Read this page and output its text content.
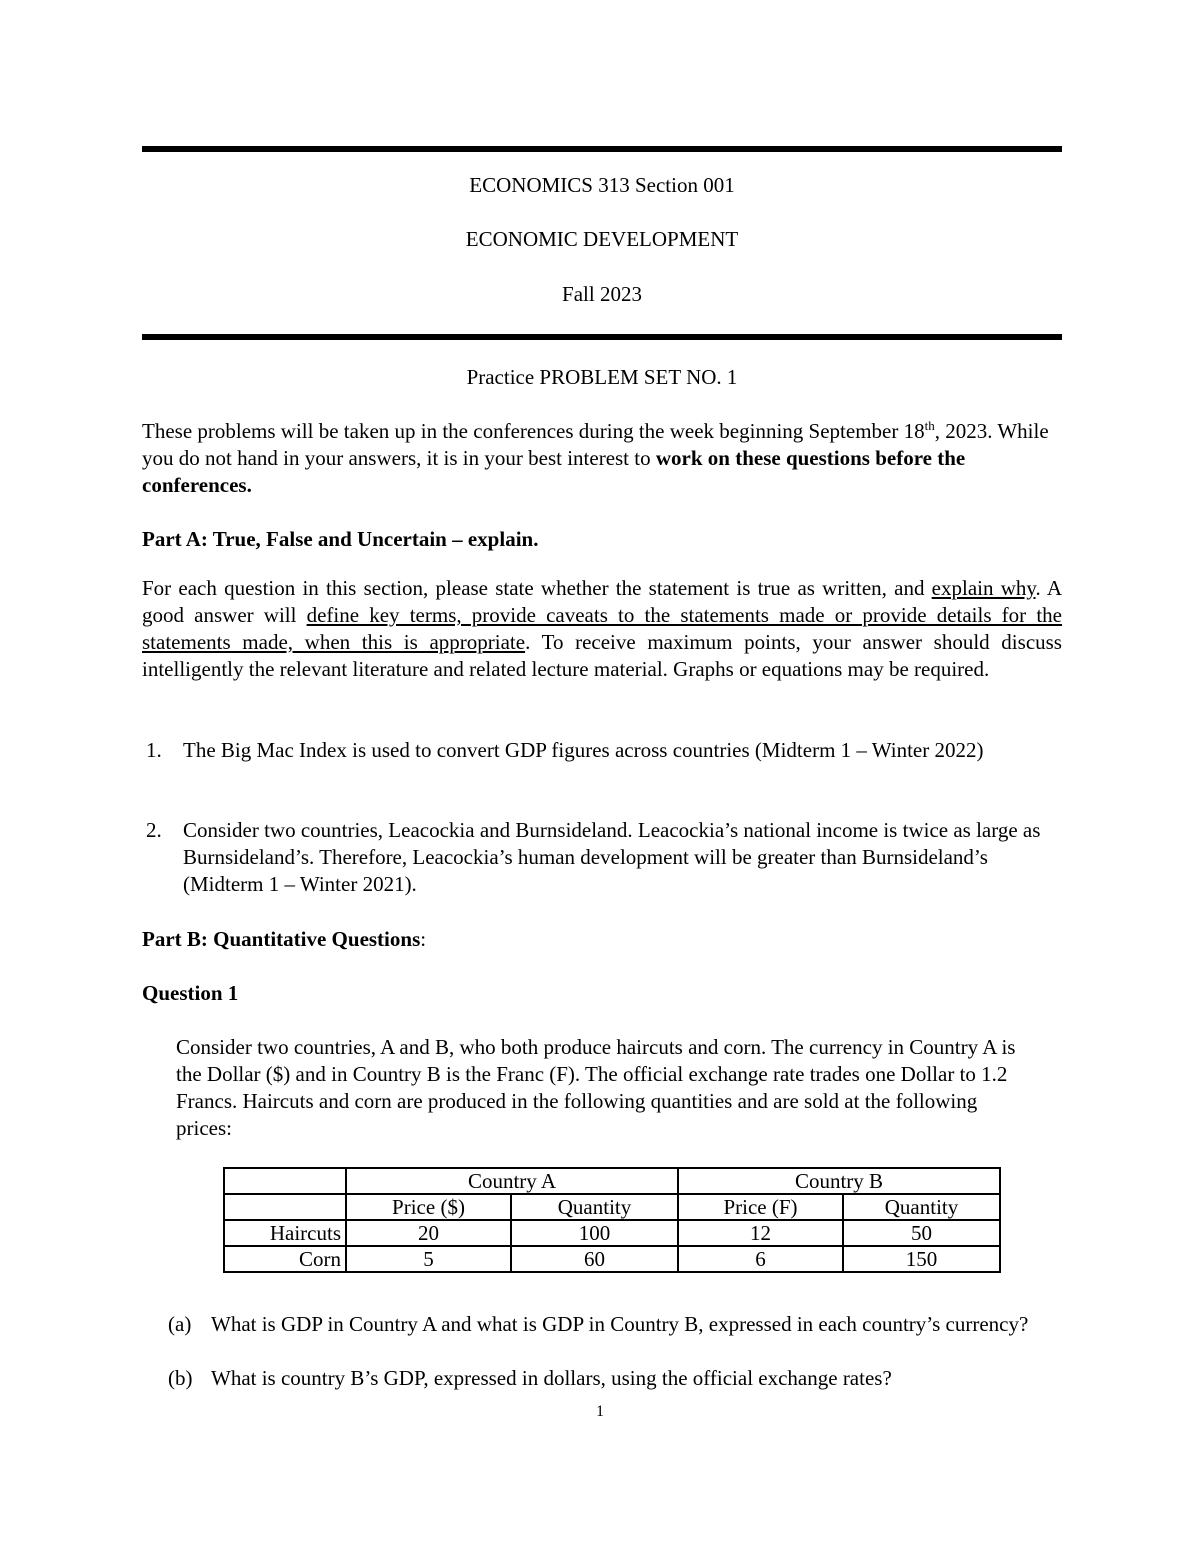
ECONOMICS 313 Section 001
ECONOMIC DEVELOPMENT
Fall 2023
Practice PROBLEM SET NO. 1
These problems will be taken up in the conferences during the week beginning September 18th, 2023. While you do not hand in your answers, it is in your best interest to work on these questions before the conferences.
Part A: True, False and Uncertain – explain.
For each question in this section, please state whether the statement is true as written, and explain why. A good answer will define key terms, provide caveats to the statements made or provide details for the statements made, when this is appropriate. To receive maximum points, your answer should discuss intelligently the relevant literature and related lecture material. Graphs or equations may be required.
1.	The Big Mac Index is used to convert GDP figures across countries (Midterm 1 – Winter 2022)
2.	Consider two countries, Leacockia and Burnsideland. Leacockia’s national income is twice as large as Burnsideland’s. Therefore, Leacockia’s human development will be greater than Burnsideland’s (Midterm 1 – Winter 2021).
Part B: Quantitative Questions:
Question 1
Consider two countries, A and B, who both produce haircuts and corn. The currency in Country A is the Dollar ($) and in Country B is the Franc (F). The official exchange rate trades one Dollar to 1.2 Francs. Haircuts and corn are produced in the following quantities and are sold at the following prices:
	Country A		Country B	
	Price ($)	Quantity	Price (F)	Quantity
Haircuts	20	100	12	50
Corn	5	60	6	150
(a) What is GDP in Country A and what is GDP in Country B, expressed in each country’s currency?
(b) What is country B’s GDP, expressed in dollars, using the official exchange rates?
1
